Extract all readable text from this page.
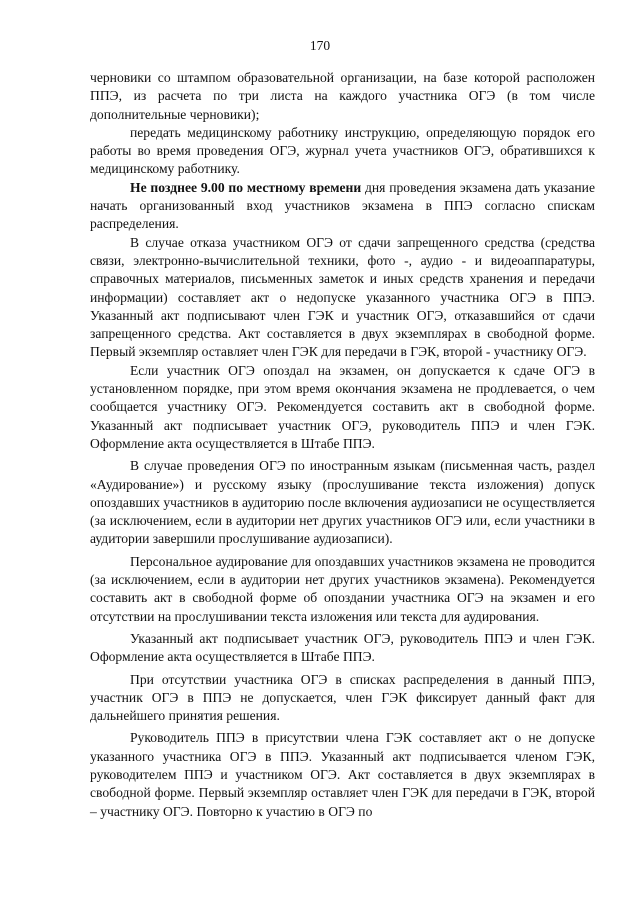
170

черновики со штампом образовательной организации, на базе которой расположен ППЭ, из расчета по три листа на каждого участника ОГЭ (в том числе дополнительные черновики);

передать медицинскому работнику инструкцию, определяющую порядок его работы во время проведения ОГЭ, журнал учета участников ОГЭ, обратившихся к медицинскому работнику.

Не позднее 9.00 по местному времени дня проведения экзамена дать указание начать организованный вход участников экзамена в ППЭ согласно спискам распределения.

В случае отказа участником ОГЭ от сдачи запрещенного средства (средства связи, электронно-вычислительной техники, фото -, аудио - и видеоаппаратуры, справочных материалов, письменных заметок и иных средств хранения и передачи информации) составляет акт о недопуске указанного участника ОГЭ в ППЭ. Указанный акт подписывают член ГЭК и участник ОГЭ, отказавшийся от сдачи запрещенного средства. Акт составляется в двух экземплярах в свободной форме. Первый экземпляр оставляет член ГЭК для передачи в ГЭК, второй - участнику ОГЭ.

Если участник ОГЭ опоздал на экзамен, он допускается к сдаче ОГЭ в установленном порядке, при этом время окончания экзамена не продлевается, о чем сообщается участнику ОГЭ. Рекомендуется составить акт в свободной форме. Указанный акт подписывает участник ОГЭ, руководитель ППЭ и член ГЭК. Оформление акта осуществляется в Штабе ППЭ.

В случае проведения ОГЭ по иностранным языкам (письменная часть, раздел «Аудирование») и русскому языку (прослушивание текста изложения) допуск опоздавших участников в аудиторию после включения аудиозаписи не осуществляется (за исключением, если в аудитории нет других участников ОГЭ или, если участники в аудитории завершили прослушивание аудиозаписи).

Персональное аудирование для опоздавших участников экзамена не проводится (за исключением, если в аудитории нет других участников экзамена). Рекомендуется составить акт в свободной форме об опоздании участника ОГЭ на экзамен и его отсутствии на прослушивании текста изложения или текста для аудирования.

Указанный акт подписывает участник ОГЭ, руководитель ППЭ и член ГЭК. Оформление акта осуществляется в Штабе ППЭ.

При отсутствии участника ОГЭ в списках распределения в данный ППЭ, участник ОГЭ в ППЭ не допускается, член ГЭК фиксирует данный факт для дальнейшего принятия решения.

Руководитель ППЭ в присутствии члена ГЭК составляет акт о не допуске указанного участника ОГЭ в ППЭ. Указанный акт подписывается членом ГЭК, руководителем ППЭ и участником ОГЭ. Акт составляется в двух экземплярах в свободной форме. Первый экземпляр оставляет член ГЭК для передачи в ГЭК, второй – участнику ОГЭ. Повторно к участию в ОГЭ по
